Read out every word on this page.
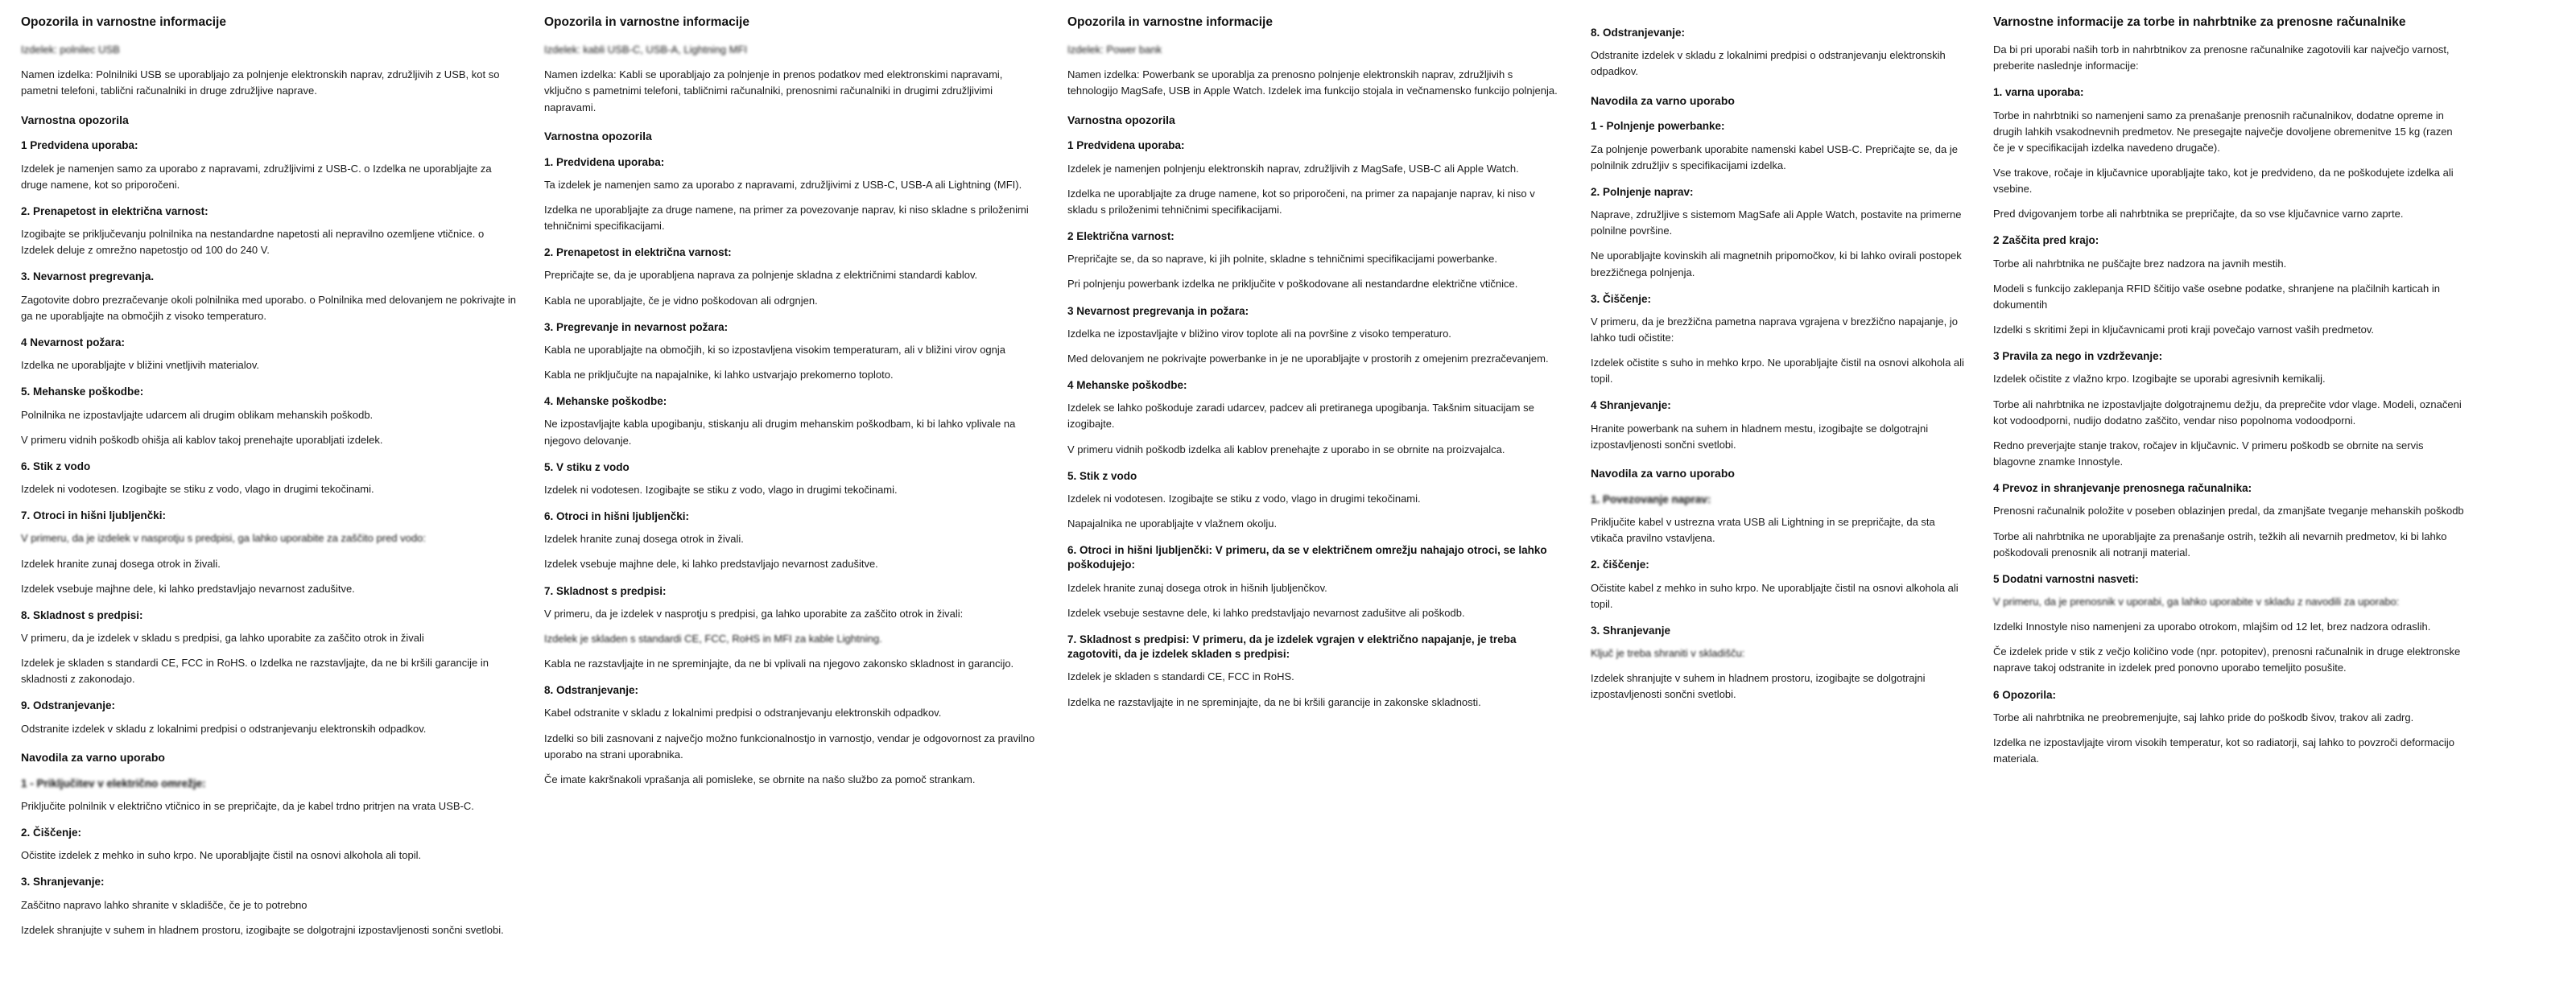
Opozorila in varnostne informacije

Izdelek: polnilec USB

Namen izdelka: Polnilniki USB se uporabljajo za polnjenje elektronskih naprav, združljivih z USB, kot so pametni telefoni, tablični računalniki in druge združljive naprave.

Varnostna opozorila
1 Predvidena uporaba:

Izdelek je namenjen samo za uporabo z napravami, združljivimi z USB-C. o Izdelka ne uporabljajte za druge namene, kot so priporočeni.

2. Prenapetost in električna varnost:

Izogibajte se priključevanju polnilnika na nestandardne napetosti ali nepravilno ozemljene vtičnice. o Izdelek deluje z omrežno napetostjo od 100 do 240 V.

3. Nevarnost pregrevanja.

Zagotovite dobro prezračevanje okoli polnilnika med uporabo. o Polnilnika med delovanjem ne pokrivajte in ga ne uporabljajte na območjih z visoko temperaturo.

4 Nevarnost požara:

Izdelka ne uporabljajte v bližini vnetljivih materialov.

5. Mehanske poškodbe:

Polnilnika ne izpostavljajte udarcem ali drugim oblikam mehanskih poškodb.

V primeru vidnih poškodb ohišja ali kablov takoj prenehajte uporabljati izdelek.

6. Stik z vodo

Izdelek ni vodotesen. Izogibajte se stiku z vodo, vlago in drugimi tekočinami.

7. Otroci in hišni ljubljenčki:

V primeru, da je izdelek v nasprotju s predpisi, ga lahko uporabite za zaščito pred vodo:

Izdelek hranite zunaj dosega otrok in živali.

Izdelek vsebuje majhne dele, ki lahko predstavljajo nevarnost zadušitve.

8. Skladnost s predpisi:

V primeru, da je izdelek v skladu s predpisi, ga lahko uporabite za zaščito otrok in živali

Izdelek je skladen s standardi CE, FCC in RoHS. o Izdelka ne razstavljajte, da ne bi kršili garancije in skladnosti z zakonodajo.

9. Odstranjevanje:

Odstranite izdelek v skladu z lokalnimi predpisi o odstranjevanju elektronskih odpadkov.

Navodila za varno uporabo
1 - Priključitev v električno omrežje:

Priključite polnilnik v električno vtičnico in se prepričajte, da je kabel trdno pritrjen na vrata USB-C.

2. Čiščenje:

Očistite izdelek z mehko in suho krpo. Ne uporabljajte čistil na osnovi alkohola ali topil.

3. Shranjevanje:

Zaščitno napravo lahko shranite v skladišče, če je to potrebno

Izdelek shranjujte v suhem in hladnem prostoru, izogibajte se dolgotrajni izpostavljenosti sončni svetlobi.

Opozorila in varnostne informacije

Izdelek: kabli USB-C, USB-A, Lightning MFI

Namen izdelka: Kabli se uporabljajo za polnjenje in prenos podatkov med elektronskimi napravami, vključno s pametnimi telefoni, tabličnimi računalniki, prenosnimi računalniki in drugimi združljivimi napravami.

Varnostna opozorila
1. Predvidena uporaba:

Ta izdelek je namenjen samo za uporabo z napravami, združljivimi z USB-C, USB-A ali Lightning (MFI).

Izdelka ne uporabljajte za druge namene, na primer za povezovanje naprav, ki niso skladne s priloženimi tehničnimi specifikacijami.

2. Prenapetost in električna varnost:

Prepričajte se, da je uporabljena naprava za polnjenje skladna z električnimi standardi kablov.

Kabla ne uporabljajte, če je vidno poškodovan ali odrgnjen.

3. Pregrevanje in nevarnost požara:

Kabla ne uporabljajte na območjih, ki so izpostavljena visokim temperaturam, ali v bližini virov ognja

Kabla ne priključujte na napajalnike, ki lahko ustvarjajo prekomerno toploto.

4. Mehanske poškodbe:

Ne izpostavljajte kabla upogibanju, stiskanju ali drugim mehanskim poškodbam, ki bi lahko vplivale na njegovo delovanje.

5. V stiku z vodo

Izdelek ni vodotesen. Izogibajte se stiku z vodo, vlago in drugimi tekočinami.

6. Otroci in hišni ljubljenčki:

Izdelek hranite zunaj dosega otrok in živali.

Izdelek vsebuje majhne dele, ki lahko predstavljajo nevarnost zadušitve.

7. Skladnost s predpisi:

V primeru, da je izdelek v nasprotju s predpisi, ga lahko uporabite za zaščito otrok in živali:

Izdelek je skladen s standardi CE, FCC, RoHS in MFI za kable Lightning.

Kabla ne razstavljajte in ne spreminjajte, da ne bi vplivali na njegovo zakonsko skladnost in garancijo.

8. Odstranjevanje:

Kabel odstranite v skladu z lokalnimi predpisi o odstranjevanju elektronskih odpadkov.

Izdelki so bili zasnovani z največjo možno funkcionalnostjo in varnostjo, vendar je odgovornost za pravilno uporabo na strani uporabnika.

Če imate kakršnakoli vprašanja ali pomisleke, se obrnite na našo službo za pomoč strankam.

Opozorila in varnostne informacije

Izdelek: Power bank

Namen izdelka: Powerbank se uporablja za prenosno polnjenje elektronskih naprav, združljivih s tehnologijo MagSafe, USB in Apple Watch. Izdelek ima funkcijo stojala in večnamensko funkcijo polnjenja.

Varnostna opozorila
1 Predvidena uporaba:

Izdelek je namenjen polnjenju elektronskih naprav, združljivih z MagSafe, USB-C ali Apple Watch.

Izdelka ne uporabljajte za druge namene, kot so priporočeni, na primer za napajanje naprav, ki niso v skladu s priloženimi tehničnimi specifikacijami.

2 Električna varnost:

Prepričajte se, da so naprave, ki jih polnite, skladne s tehničnimi specifikacijami powerbanke.

Pri polnjenju powerbank izdelka ne priključite v poškodovane ali nestandardne električne vtičnice.

3 Nevarnost pregrevanja in požara:

Izdelka ne izpostavljajte v bližino virov toplote ali na površine z visoko temperaturo.

Med delovanjem ne pokrivajte powerbanke in je ne uporabljajte v prostorih z omejenim prezračevanjem.

4 Mehanske poškodbe:

Izdelek se lahko poškoduje zaradi udarcev, padcev ali pretiranega upogibanja. Takšnim situacijam se izogibajte.

V primeru vidnih poškodb izdelka ali kablov prenehajte z uporabo in se obrnite na proizvajalca.

5. Stik z vodo

Izdelek ni vodotesen. Izogibajte se stiku z vodo, vlago in drugimi tekočinami.

Napajalnika ne uporabljajte v vlažnem okolju.

6. Otroci in hišni ljubljenčki: V primeru, da se v električnem omrežju nahajajo otroci, se lahko poškodujejo:

Izdelek hranite zunaj dosega otrok in hišnih ljubljenčkov.

Izdelek vsebuje sestavne dele, ki lahko predstavljajo nevarnost zadušitve ali poškodb.

7. Skladnost s predpisi: V primeru, da je izdelek vgrajen v električno napajanje, je treba zagotoviti, da je izdelek skladen s predpisi:

Izdelek je skladen s standardi CE, FCC in RoHS.

Izdelka ne razstavljajte in ne spreminjajte, da ne bi kršili garancije in zakonske skladnosti.

8. Odstranjevanje:

Odstranite izdelek v skladu z lokalnimi predpisi o odstranjevanju elektronskih odpadkov.

Navodila za varno uporabo
1 - Polnjenje powerbanke:

Za polnjenje powerbank uporabite namenski kabel USB-C. Prepričajte se, da je polnilnik združljiv s specifikacijami izdelka.

2. Polnjenje naprav:

Naprave, združljive s sistemom MagSafe ali Apple Watch, postavite na primerne polnilne površine.

Ne uporabljajte kovinskih ali magnetnih pripomočkov, ki bi lahko ovirali postopek brezžičnega polnjenja.

3. Čiščenje:

V primeru, da je brezžična pametna naprava vgrajena v brezžično napajanje, jo lahko tudi očistite:

Izdelek očistite s suho in mehko krpo. Ne uporabljajte čistil na osnovi alkohola ali topil.

4 Shranjevanje:

Hranite powerbank na suhem in hladnem mestu, izogibajte se dolgotrajni izpostavljenosti sončni svetlobi.

Navodila za varno uporabo
1. Povezovanje naprav:

Priključite kabel v ustrezna vrata USB ali Lightning in se prepričajte, da sta vtikača pravilno vstavljena.

2. čiščenje:

Očistite kabel z mehko in suho krpo. Ne uporabljajte čistil na osnovi alkohola ali topil.

3. Shranjevanje

Ključ je treba shraniti v skladišču:

Izdelek shranjujte v suhem in hladnem prostoru, izogibajte se dolgotrajni izpostavljenosti sončni svetlobi.

Varnostne informacije za torbe in nahrbtnike za prenosne računalnike

Da bi pri uporabi naših torb in nahrbtnikov za prenosne računalnike zagotovili kar največjo varnost, preberite naslednje informacije:

1. varna uporaba:

Torbe in nahrbtniki so namenjeni samo za prenašanje prenosnih računalnikov, dodatne opreme in drugih lahkih vsakodnevnih predmetov. Ne presegajte največje dovoljene obremenitve 15 kg (razen če je v specifikacijah izdelka navedeno drugače).

Vse trakove, ročaje in ključavnice uporabljajte tako, kot je predvideno, da ne poškodujete izdelka ali vsebine.

Pred dvigovanjem torbe ali nahrbtnika se prepričajte, da so vse ključavnice varno zaprte.

2 Zaščita pred krajo:

Torbe ali nahrbtnika ne puščajte brez nadzora na javnih mestih.

Modeli s funkcijo zaklepanja RFID ščitijo vaše osebne podatke, shranjene na plačilnih karticah in dokumentih

Izdelki s skritimi žepi in ključavnicami proti kraji povečajo varnost vaših predmetov.

3 Pravila za nego in vzdrževanje:

Izdelek očistite z vlažno krpo. Izogibajte se uporabi agresivnih kemikalij.

Torbe ali nahrbtnika ne izpostavljajte dolgotrajnemu dežju, da preprečite vdor vlage. Modeli, označeni kot vodoodporni, nudijo dodatno zaščito, vendar niso popolnoma vodoodporni.

Redno preverjajte stanje trakov, ročajev in ključavnic. V primeru poškodb se obrnite na servis blagovne znamke Innostyle.

4 Prevoz in shranjevanje prenosnega računalnika:

Prenosni računalnik položite v poseben oblazinjen predal, da zmanjšate tveganje mehanskih poškodb

Torbe ali nahrbtnika ne uporabljajte za prenašanje ostrih, težkih ali nevarnih predmetov, ki bi lahko poškodovali prenosnik ali notranji material.

5 Dodatni varnostni nasveti:

V primeru, da je prenosnik v uporabi, ga lahko uporabite v skladu z navodili za uporabo:

Izdelki Innostyle niso namenjeni za uporabo otrokom, mlajšim od 12 let, brez nadzora odraslih.

Če izdelek pride v stik z večjo količino vode (npr. potopitev), prenosni računalnik in druge elektronske naprave takoj odstranite in izdelek pred ponovno uporabo temeljito posušite.

6 Opozorila:

Torbe ali nahrbtnika ne preobremenjujte, saj lahko pride do poškodb šivov, trakov ali zadrg.

Izdelka ne izpostavljajte virom visokih temperatur, kot so radiatorji, saj lahko to povzroči deformacijo materiala.
